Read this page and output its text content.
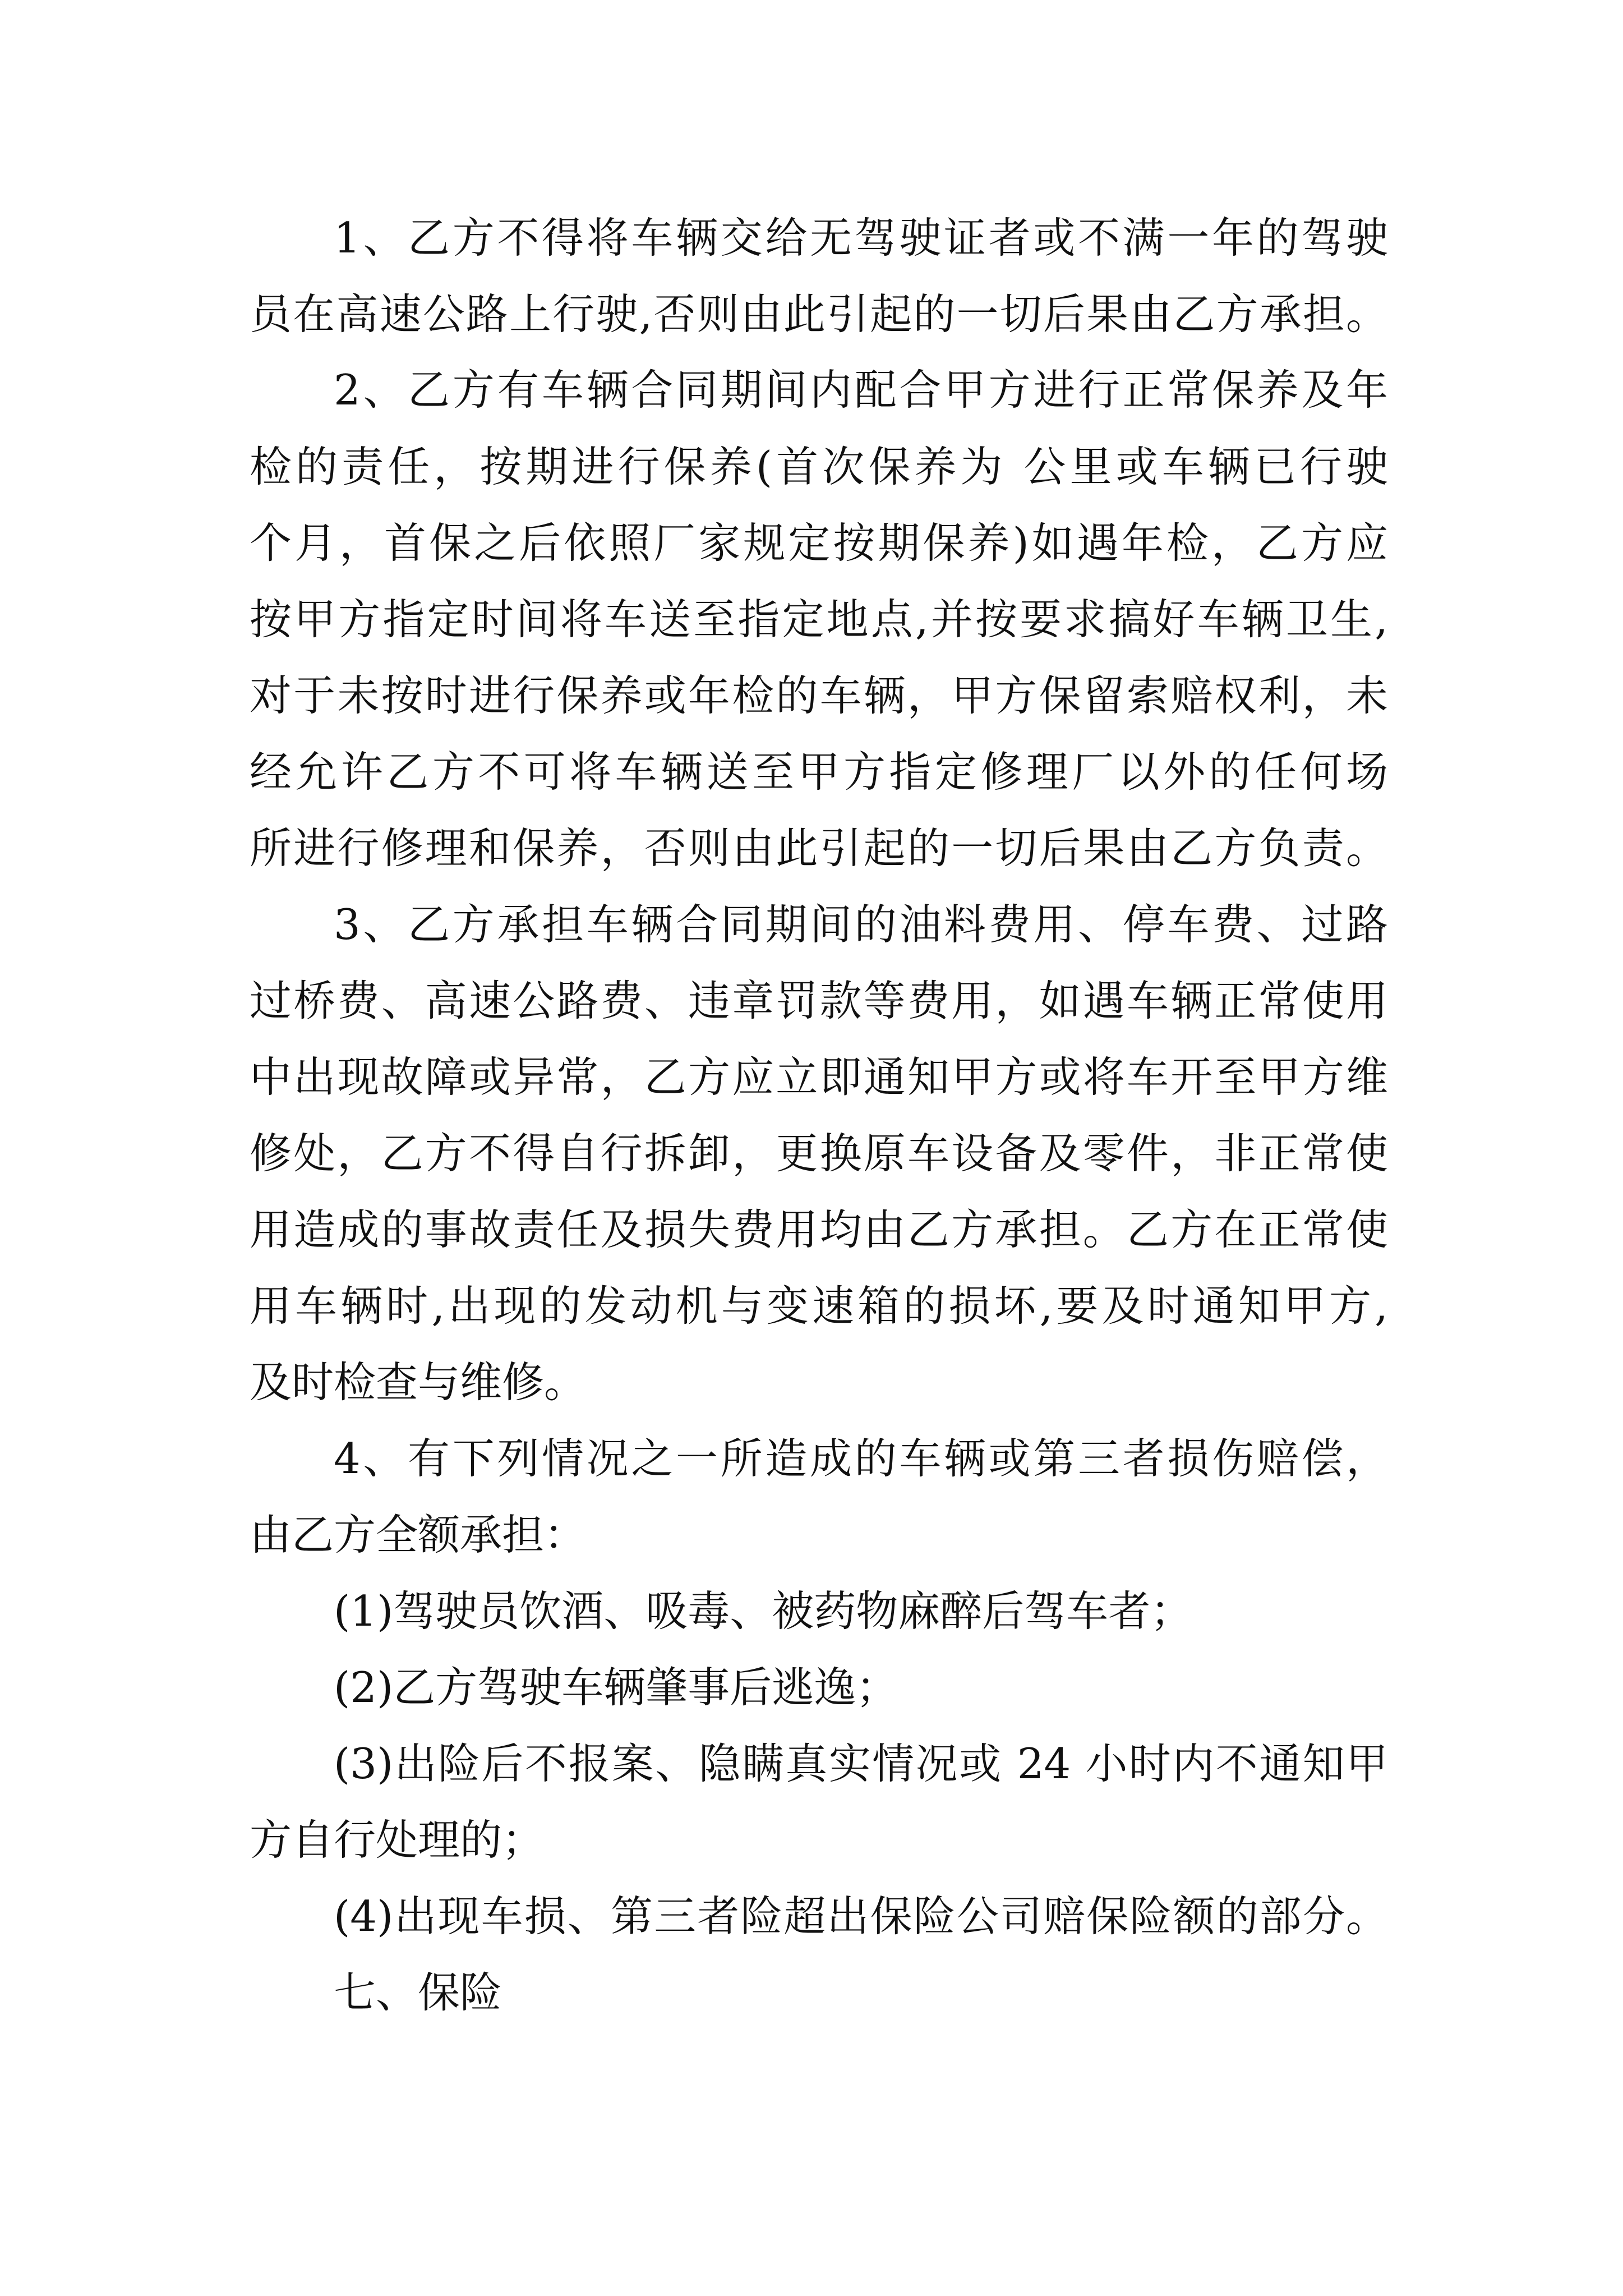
1、乙方不得将车辆交给无驾驶证者或不满一年的驾驶
员在高速公路上行驶,否则由此引起的一切后果由乙方承担。
2、乙方有车辆合同期间内配合甲方进行正常保养及年
检的责任，按期进行保养(首次保养为 公里或车辆已行驶
个月，首保之后依照厂家规定按期保养)如遇年检，乙方应
按甲方指定时间将车送至指定地点,并按要求搞好车辆卫生,
对于未按时进行保养或年检的车辆，甲方保留索赔权利，未
经允许乙方不可将车辆送至甲方指定修理厂以外的任何场
所进行修理和保养，否则由此引起的一切后果由乙方负责。
3、乙方承担车辆合同期间的油料费用、停车费、过路
过桥费、高速公路费、违章罚款等费用，如遇车辆正常使用
中出现故障或异常，乙方应立即通知甲方或将车开至甲方维
修处，乙方不得自行拆卸，更换原车设备及零件，非正常使
用造成的事故责任及损失费用均由乙方承担。乙方在正常使
用车辆时,出现的发动机与变速箱的损坏,要及时通知甲方,
及时检查与维修。
4、有下列情况之一所造成的车辆或第三者损伤赔偿，
由乙方全额承担：
(1)驾驶员饮酒、吸毒、被药物麻醉后驾车者；
(2)乙方驾驶车辆肇事后逃逸；
(3)出险后不报案、隐瞒真实情况或 24 小时内不通知甲
方自行处理的；
(4)出现车损、第三者险超出保险公司赔保险额的部分。
七、保险
